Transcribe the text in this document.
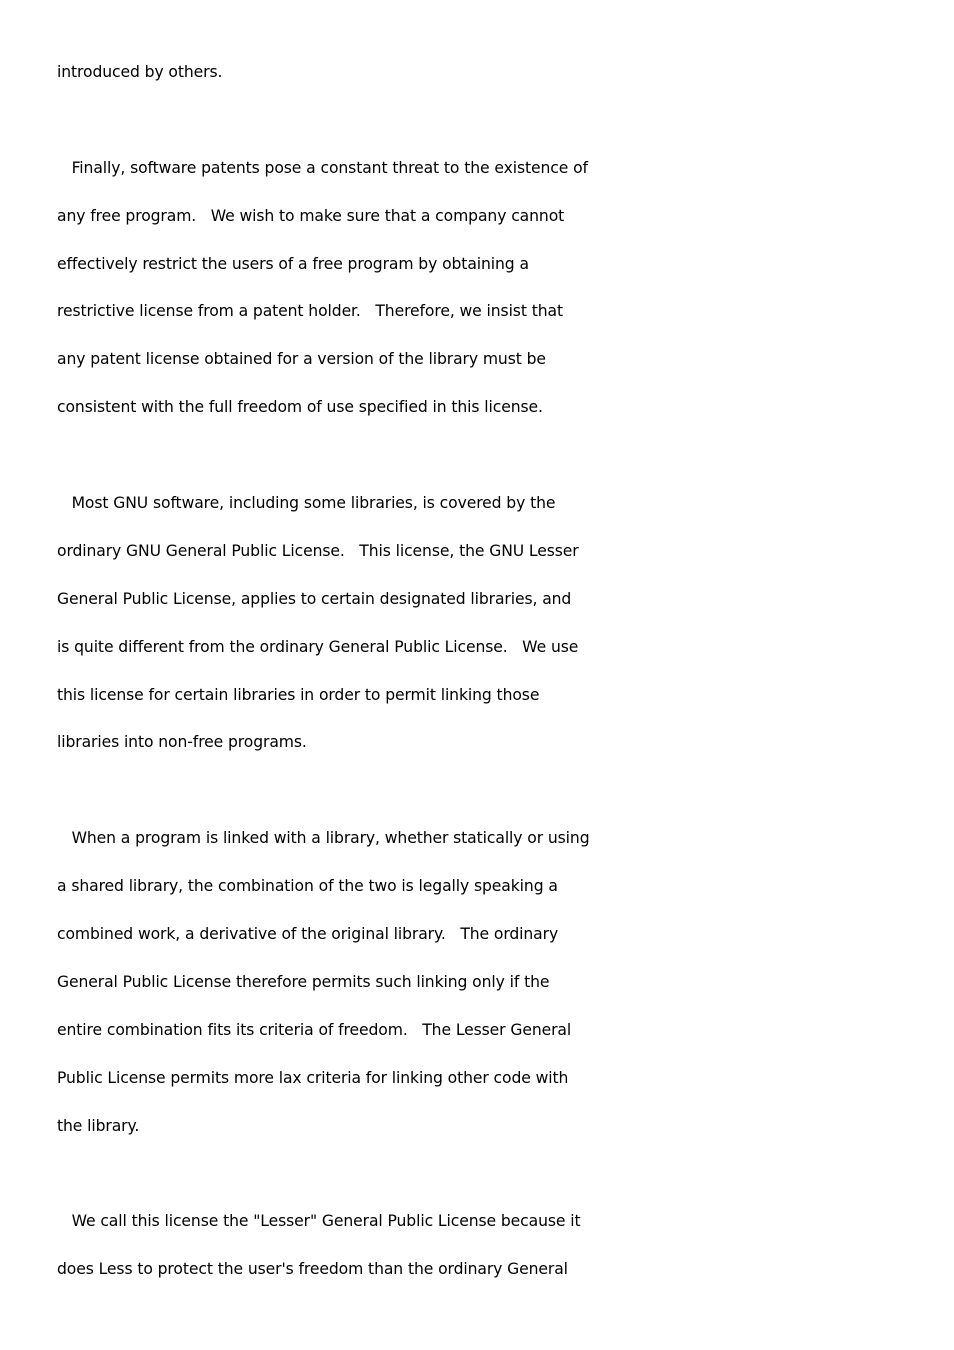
introduced by others.
Finally, software patents pose a constant threat to the existence of
any free program.   We wish to make sure that a company cannot
effectively restrict the users of a free program by obtaining a
restrictive license from a patent holder.   Therefore, we insist that
any patent license obtained for a version of the library must be
consistent with the full freedom of use specified in this license.
Most GNU software, including some libraries, is covered by the
ordinary GNU General Public License.   This license, the GNU Lesser
General Public License, applies to certain designated libraries, and
is quite different from the ordinary General Public License.   We use
this license for certain libraries in order to permit linking those
libraries into non-free programs.
When a program is linked with a library, whether statically or using
a shared library, the combination of the two is legally speaking a
combined work, a derivative of the original library.   The ordinary
General Public License therefore permits such linking only if the
entire combination fits its criteria of freedom.   The Lesser General
Public License permits more lax criteria for linking other code with
the library.
We call this license the "Lesser" General Public License because it
does Less to protect the user's freedom than the ordinary General
